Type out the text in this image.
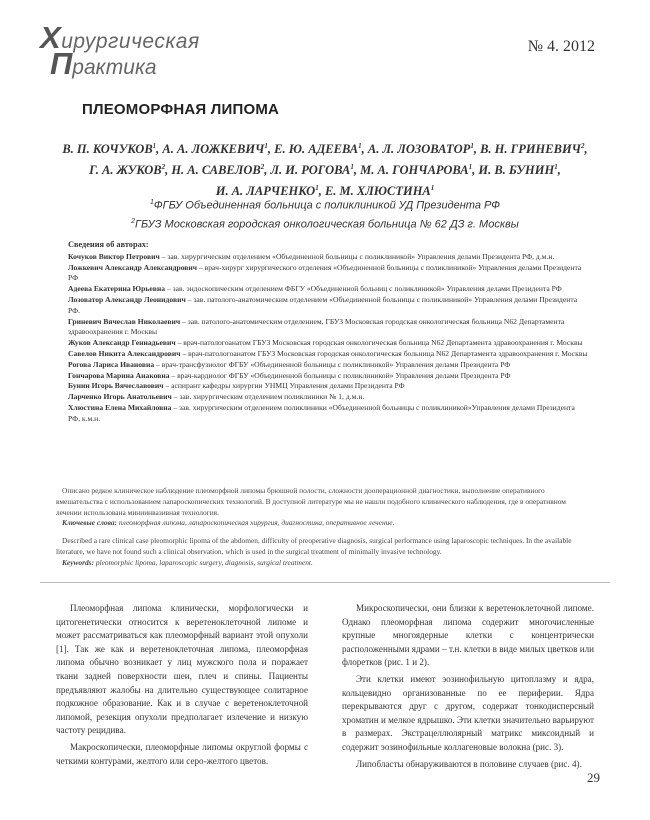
Хирургическая
Практика
№ 4. 2012
ПЛЕОМОРФНАЯ ЛИПОМА
В. П. КОЧУКОВ$^1$, А. А. ЛОЖКЕВИЧ$^1$, Е. Ю. АДЕЕВА$^1$, А. Л. ЛОЗОВАТОР$^1$, В. Н. ГРИНЕВИЧ$^2$,
Г. А. ЖУКОВ$^2$, Н. А. САВЕЛОВ$^2$, Л. И. РОГОВА$^1$, М. А. ГОНЧАРОВА$^1$, И. В. БУНИН$^1$,
И. А. ЛАРЧЕНКО$^1$, Е. М. ХЛЮСТИНА$^1$
$^1$ФГБУ Объединенная больница с поликлиникой УД Президента РФ
$^2$ГБУЗ Московская городская онкологическая больница № 62 ДЗ г. Москвы
Сведения об авторах:

Кочуков Виктор Петрович – зав. хирургическим отделением «Объединенной больницы с поликлиникой» Управления делами Президента РФ, д.м.н.

Ложкевич Александр Александрович – врач-хирург хирургического отделения «Объединенной больницы с поликлиникой» Управления делами Президента РФ

Адеева Екатерина Юрьевна – зав. эндоскопическим отделением ФБГУ «Объединенной больниц с поликлиникой» Управления делами Президента РФ

Лозоватор Александр Леонидович – зав. патолого-анатомическим отделением «Объединенной больницы с поликлиникой» Управления делами Президента РФ.

Гриневич Вячеслав Николаевич – зав. патолого-анатомическим отделением, ГБУЗ Московская городская онкологическая больница N62 Департамента здравоохранения г. Москвы

Жуков Александр Геннадьевич – врач-патологоанатом ГБУЗ Московская городская онкологическая больница N62 Департамента здравоохранения г. Москвы

Савелов Никита Александрович – врач-патологоанатом ГБУЗ Московская городская онкологическая больница N62 Департамента здравоохранения г. Москвы

Рогова Лариса Ивановна – врач-трансфузиолог ФГБУ «Объединенной больницы с поликлиникой» Управления делами Президента РФ

Гончарова Марина Анаковна – врач-кардиолог ФГБУ «Объединенной больницы с поликлиникой» Управления делами Президента РФ

Бунин Игорь Вячеславович – аспирант кафедры хирургии УНМЦ Управления делами Президента РФ

Ларченко Игорь Анатольевич – зав. хирургическим отделением поликлиники № 1, д.м.н.

Хлюстина Елена Михайловна – зав. хирургическим отделением поликлиники «Объединенной больницы с поликлиникой»Управления делами Президента РФ, к.м.н.

Описано редкое клиническое наблюдение плеоморфной липомы брюшной полости, сложности дооперационной диагностики, выполнение оперативного вмешательства с использованием лапароскопических технологий. В доступной литературе мы не нашли подобного клинического наблюдения, где в оперативном лечении использована миниинвазивная технология.

Ключевые слова: плеоморфная липома, лапароскопическая хирургия, диагностика, оперативное лечение.

Described a rare clinical case pleomorphic lipoma of the abdomen, difficulty of preoperative diagnosis, surgical performance using laparoscopic techniques. In the available literature, we have not found such a clinical observation, which is used in the surgical treatment of minimally invasive technology.

Keywords: pleomorphic lipoma, laparoscopic surgery, diagnosis, surgical treatment.

Плеоморфная липома клинически, морфологически и цитогенетически относится к веретеноклеточной липоме и может рассматриваться как плеоморфный вариант этой опухоли [1]. Так же как и веретеноклеточная липома, плеоморфная липома обычно возникает у лиц мужского пола и поражает ткани задней поверхности шеи, плеч и спины. Пациенты предъявляют жалобы на длительно существующее солитарное подкожное образование. Как и в случае с веретеноклеточной липомой, резекция опухоли предполагает излечение и низкую частоту рецидива.

Макроскопически, плеоморфные липомы округлой формы с четкими контурами, желтого или серо-желтого цветов.

Микроскопически, они близки к веретеноклеточной липоме. Однако плеоморфная липома содержит многочисленные крупные многоядерные клетки с концентрически расположенными ядрами – т.н. клетки в виде милых цветков или флоретков (рис. 1 и 2).

Эти клетки имеют эозинофильную цитоплазму и ядра, кольцевидно организованные по ее периферии. Ядра перекрываются друг с другом, содержат тонкодисперсный хроматин и мелкое ядрышко. Эти клетки значительно варьируют в размерах. Экстрацеллюлярный матрикс миксоидный и содержит эозинофильные коллагеновые волокна (рис. 3).

Липобласты обнаруживаются в половине случаев (рис. 4).

29
